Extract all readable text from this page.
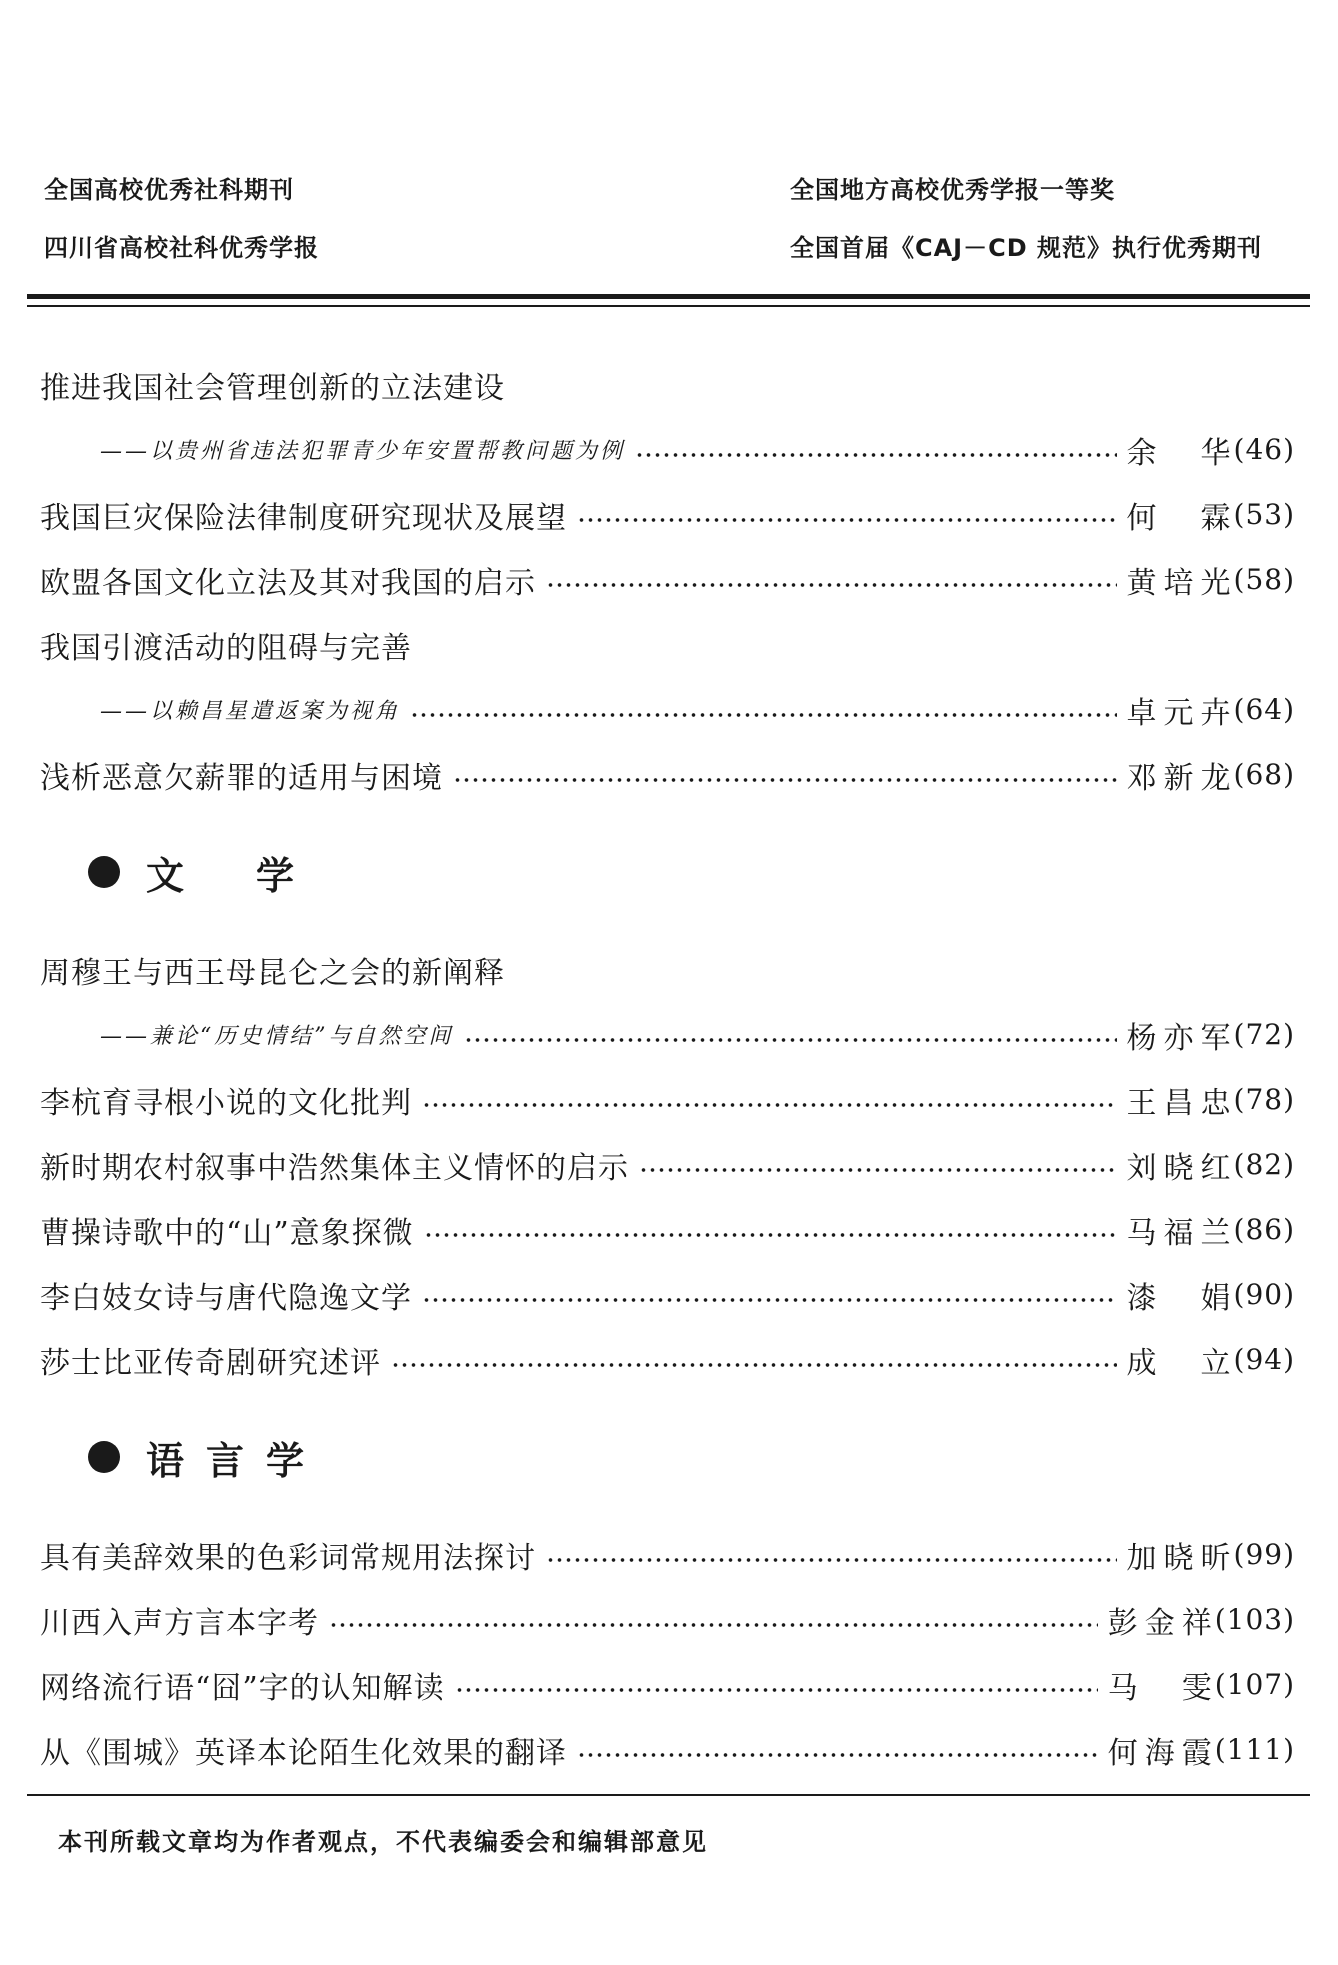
全国高校优秀社科期刊
四川省高校社科优秀学报
全国地方高校优秀学报一等奖
全国首届《CAJ－CD 规范》执行优秀期刊
推进我国社会管理创新的立法建设
——以贵州省违法犯罪青少年安置帮教问题为例	余华 (46)
我国巨灾保险法律制度研究现状及展望	何霖 (53)
欧盟各国文化立法及其对我国的启示	黄培光 (58)
我国引渡活动的阻碍与完善
——以赖昌星遣返案为视角	卓元卉 (64)
浅析恶意欠薪罪的适用与困境	邓新龙 (68)
文学
周穆王与西王母昆仑之会的新阐释
——兼论“历史情结”与自然空间	杨亦军 (72)
李杭育寻根小说的文化批判	王昌忠 (78)
新时期农村叙事中浩然集体主义情怀的启示	刘晓红 (82)
曹操诗歌中的“山”意象探微	马福兰 (86)
李白妓女诗与唐代隐逸文学	漆娟 (90)
莎士比亚传奇剧研究述评	成立 (94)
语言学
具有美辞效果的色彩词常规用法探讨	加晓昕 (99)
川西入声方言本字考	彭金祥 (103)
网络流行语“囧”字的认知解读	马雯 (107)
从《围城》英译本论陌生化效果的翻译	何海霞 (111)
本刊所载文章均为作者观点，不代表编委会和编辑部意见
